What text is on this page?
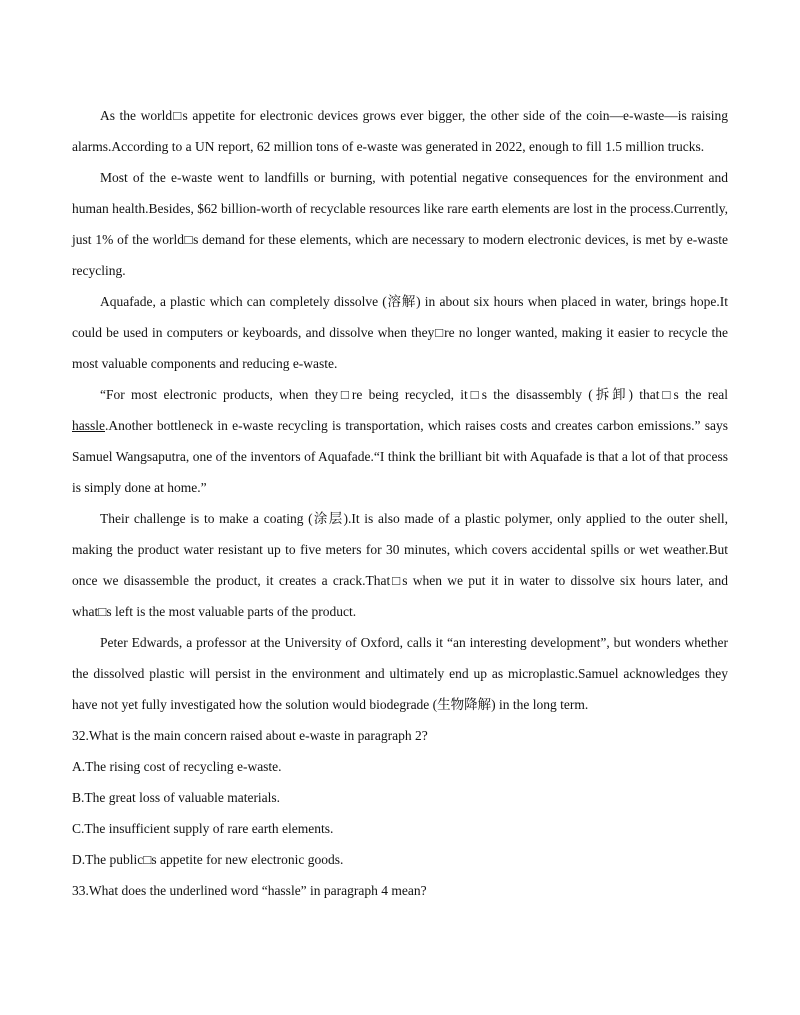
As the world□s appetite for electronic devices grows ever bigger, the other side of the coin—e-waste—is raising alarms.According to a UN report, 62 million tons of e-waste was generated in 2022, enough to fill 1.5 million trucks.

Most of the e-waste went to landfills or burning, with potential negative consequences for the environment and human health.Besides, $62 billion-worth of recyclable resources like rare earth elements are lost in the process.Currently, just 1% of the world□s demand for these elements, which are necessary to modern electronic devices, is met by e-waste recycling.

Aquafade, a plastic which can completely dissolve (溶解) in about six hours when placed in water, brings hope.It could be used in computers or keyboards, and dissolve when they□re no longer wanted, making it easier to recycle the most valuable components and reducing e-waste.

“For most electronic products, when they□re being recycled, it□s the disassembly (拆卸) that□s the real hassle.Another bottleneck in e-waste recycling is transportation, which raises costs and creates carbon emissions.” says Samuel Wangsaputra, one of the inventors of Aquafade.“I think the brilliant bit with Aquafade is that a lot of that process is simply done at home.”

Their challenge is to make a coating (涂层).It is also made of a plastic polymer, only applied to the outer shell, making the product water resistant up to five meters for 30 minutes, which covers accidental spills or wet weather.But once we disassemble the product, it creates a crack.That□s when we put it in water to dissolve six hours later, and what□s left is the most valuable parts of the product.

Peter Edwards, a professor at the University of Oxford, calls it “an interesting development”, but wonders whether the dissolved plastic will persist in the environment and ultimately end up as microplastic.Samuel acknowledges they have not yet fully investigated how the solution would biodegrade (生物降解) in the long term.

32.What is the main concern raised about e-waste in paragraph 2?

A.The rising cost of recycling e-waste.

B.The great loss of valuable materials.

C.The insufficient supply of rare earth elements.

D.The public□s appetite for new electronic goods.

33.What does the underlined word “hassle” in paragraph 4 mean?
